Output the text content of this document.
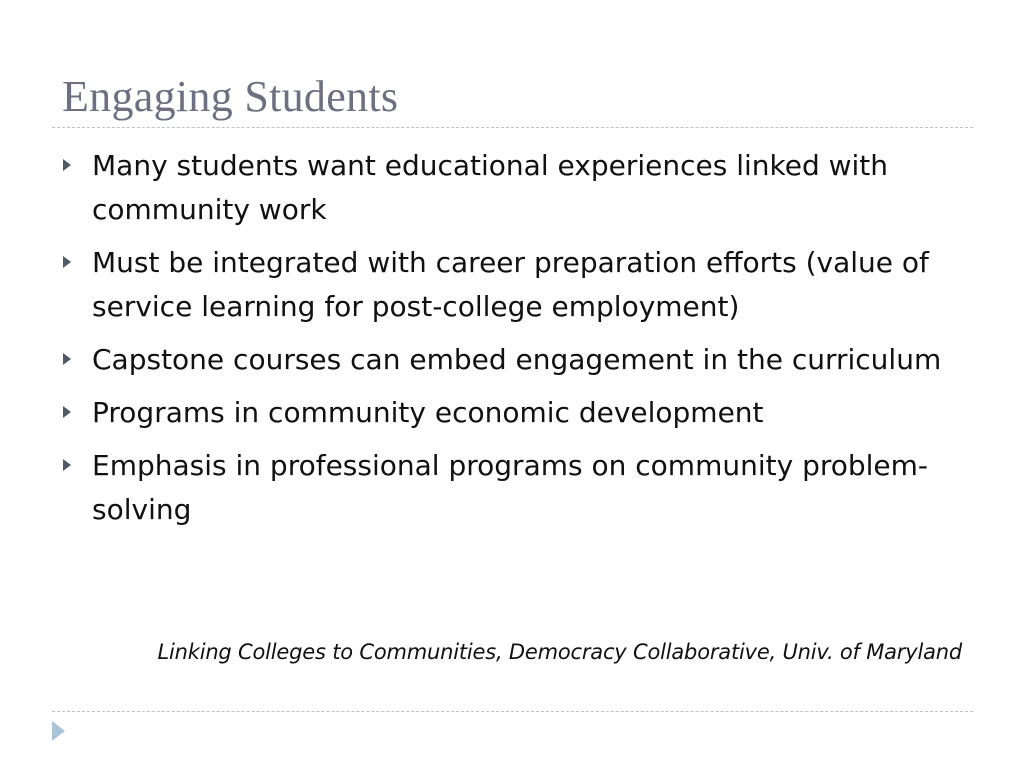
Engaging Students
Many students want educational experiences linked with community work
Must be integrated with career preparation efforts (value of service learning for post-college employment)
Capstone courses can embed engagement in the curriculum
Programs in community economic development
Emphasis in professional programs on community problem-solving
Linking Colleges to Communities, Democracy Collaborative, Univ. of Maryland
